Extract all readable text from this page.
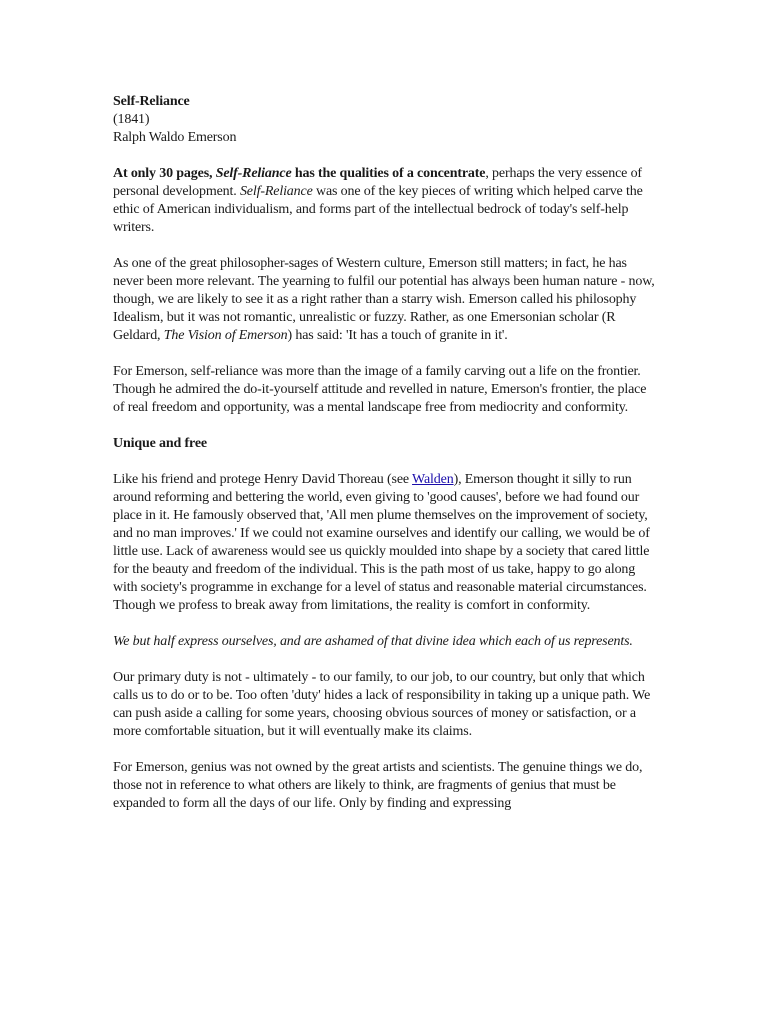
Self-Reliance

(1841)

Ralph Waldo Emerson

At only 30 pages, Self-Reliance has the qualities of a concentrate, perhaps the very essence of personal development. Self-Reliance was one of the key pieces of writing which helped carve the ethic of American individualism, and forms part of the intellectual bedrock of today's self-help writers.

As one of the great philosopher-sages of Western culture, Emerson still matters; in fact, he has never been more relevant. The yearning to fulfil our potential has always been human nature - now, though, we are likely to see it as a right rather than a starry wish. Emerson called his philosophy Idealism, but it was not romantic, unrealistic or fuzzy. Rather, as one Emersonian scholar (R Geldard, The Vision of Emerson) has said: 'It has a touch of granite in it'.

For Emerson, self-reliance was more than the image of a family carving out a life on the frontier. Though he admired the do-it-yourself attitude and revelled in nature, Emerson's frontier, the place of real freedom and opportunity, was a mental landscape free from mediocrity and conformity.

Unique and free

Like his friend and protege Henry David Thoreau (see Walden), Emerson thought it silly to run around reforming and bettering the world, even giving to 'good causes', before we had found our place in it. He famously observed that, 'All men plume themselves on the improvement of society, and no man improves.' If we could not examine ourselves and identify our calling, we would be of little use. Lack of awareness would see us quickly moulded into shape by a society that cared little for the beauty and freedom of the individual. This is the path most of us take, happy to go along with society's programme in exchange for a level of status and reasonable material circumstances. Though we profess to break away from limitations, the reality is comfort in conformity.

We but half express ourselves, and are ashamed of that divine idea which each of us represents.

Our primary duty is not - ultimately - to our family, to our job, to our country, but only that which calls us to do or to be. Too often 'duty' hides a lack of responsibility in taking up a unique path. We can push aside a calling for some years, choosing obvious sources of money or satisfaction, or a more comfortable situation, but it will eventually make its claims.

For Emerson, genius was not owned by the great artists and scientists. The genuine things we do, those not in reference to what others are likely to think, are fragments of genius that must be expanded to form all the days of our life. Only by finding and expressing
